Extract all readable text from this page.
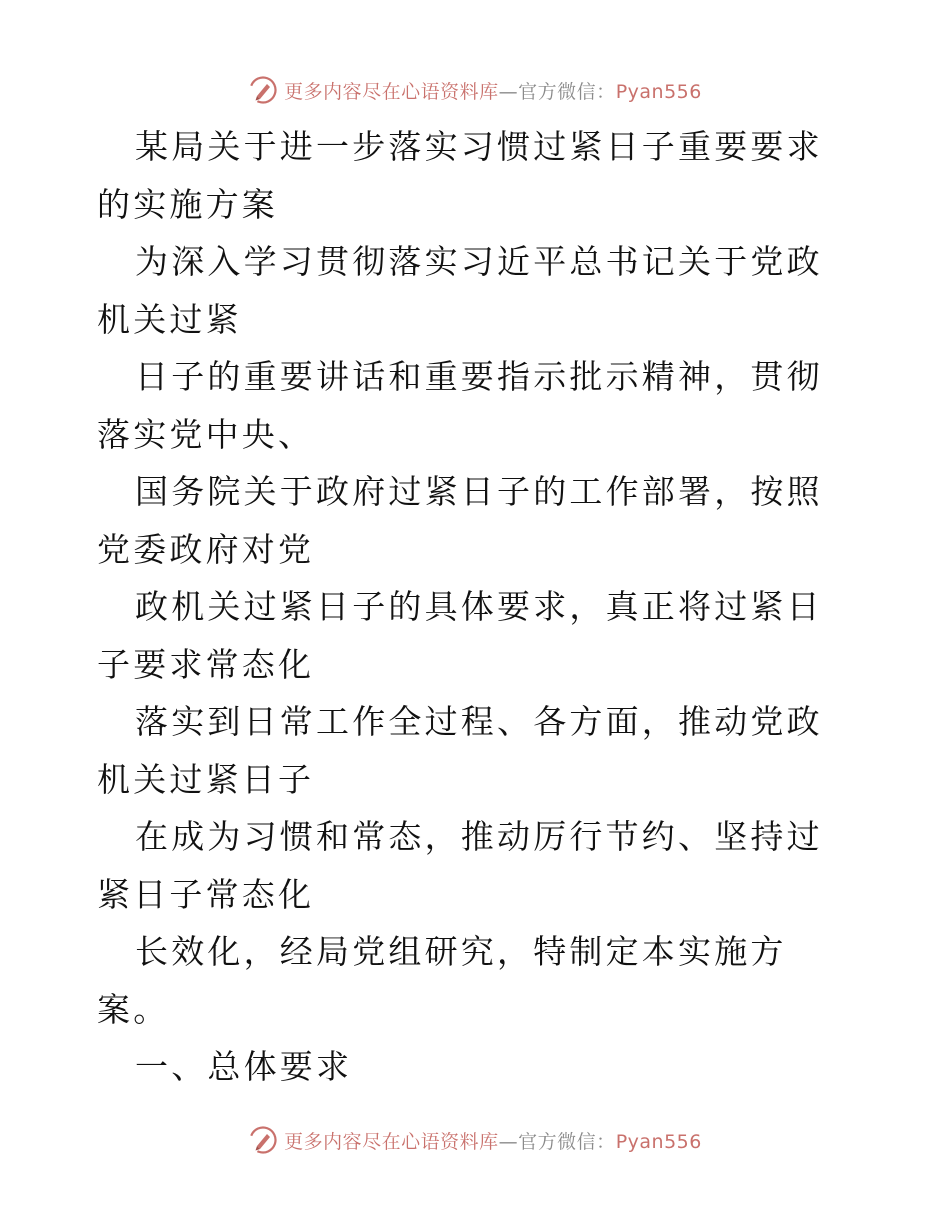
更多内容尽在心语资料库—官方微信：Pyan556

某局关于进一步落实习惯过紧日子重要要求的实施方案

为深入学习贯彻落实习近平总书记关于党政机关过紧

日子的重要讲话和重要指示批示精神，贯彻落实党中央、

国务院关于政府过紧日子的工作部署，按照党委政府对党

政机关过紧日子的具体要求，真正将过紧日子要求常态化

落实到日常工作全过程、各方面，推动党政机关过紧日子

在成为习惯和常态，推动厉行节约、坚持过紧日子常态化

长效化，经局党组研究，特制定本实施方案。

一、总体要求

更多内容尽在心语资料库—官方微信：Pyan556
